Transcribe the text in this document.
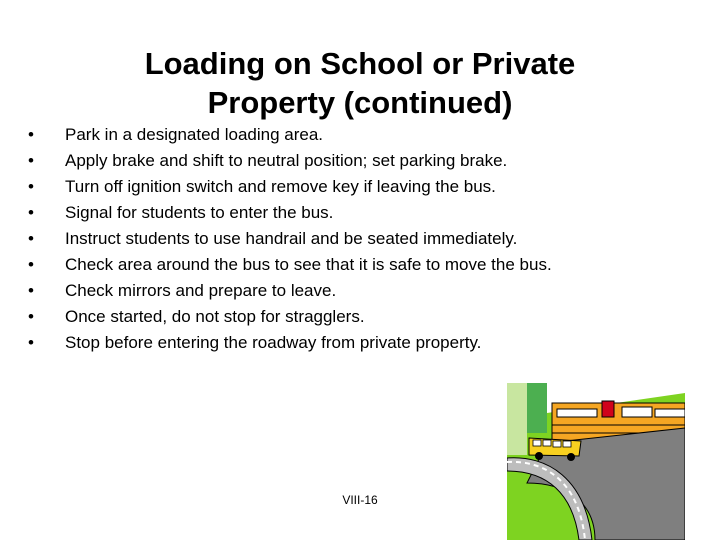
Loading on School or Private
Property (continued)
• Park in a designated loading area.
• Apply brake and shift to neutral position; set parking brake.
• Turn off ignition switch and remove key if leaving the bus.
• Signal for students to enter the bus.
• Instruct students to use handrail and be seated immediately.
• Check area around the bus to see that it is safe to move the bus.
• Check mirrors and prepare to leave.
• Once started, do not stop for stragglers.
• Stop before entering the roadway from private property.
VIII-16
